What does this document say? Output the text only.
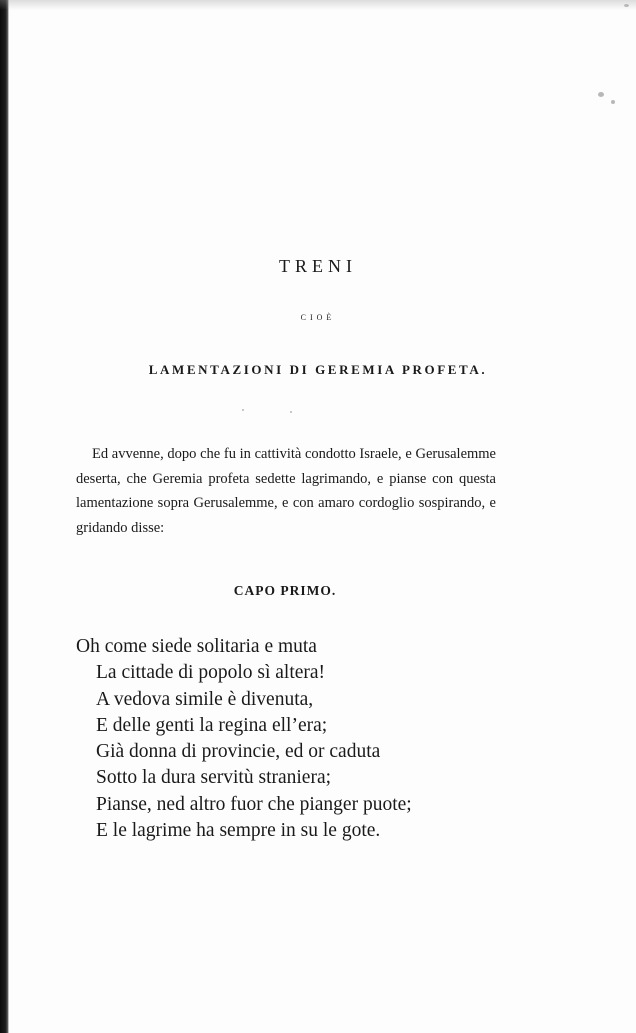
TRENI
CIOÈ
LAMENTAZIONI DI GEREMIA PROFETA.

Ed avvenne, dopo che fu in cattività condotto Israele, e Gerusalemme deserta, che Geremia profeta sedette lagrimando, e pianse con questa lamentazione sopra Gerusalemme, e con amaro cordoglio sospirando, e gridando disse:

CAPO PRIMO.
Oh come siede solitaria e muta
La cittade di popolo sì altera!
A vedova simile è divenuta,
E delle genti la regina ell’era;
Già donna di provincie, ed or caduta
Sotto la dura servitù straniera;
Pianse, ned altro fuor che pianger puote;
E le lagrime ha sempre in su le gote.
